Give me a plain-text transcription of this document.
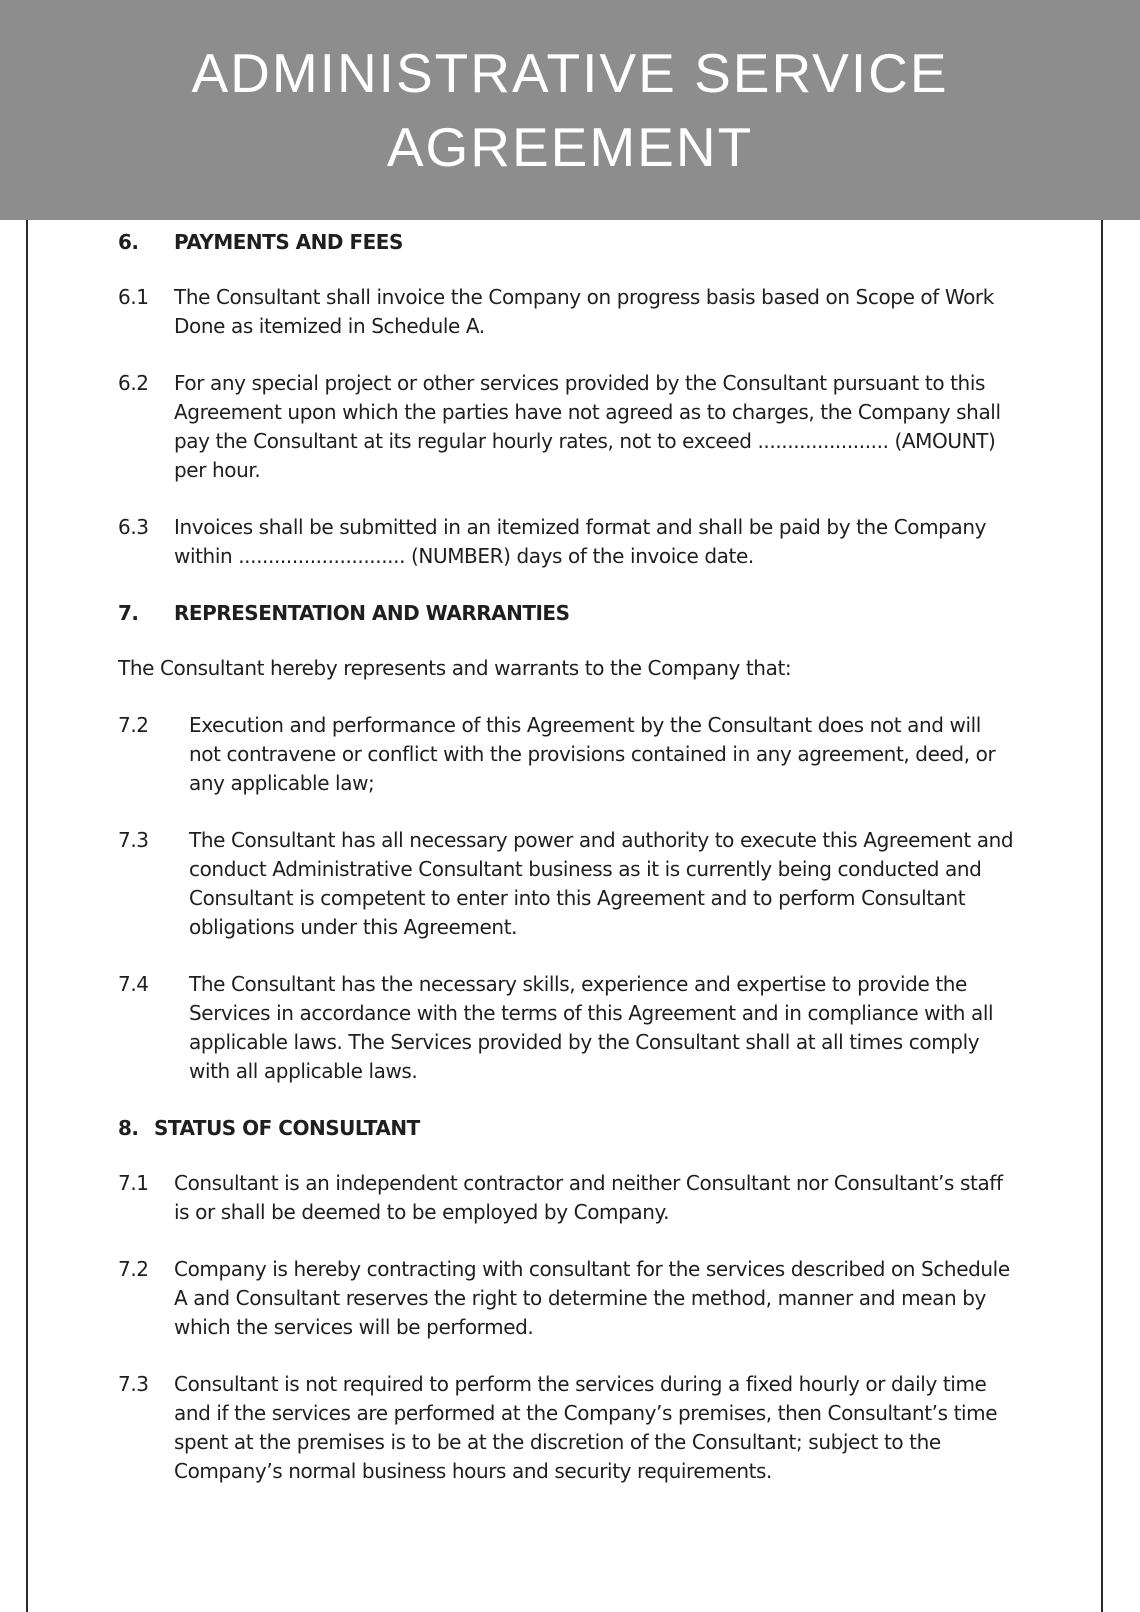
ADMINISTRATIVE SERVICE
AGREEMENT
6.	PAYMENTS AND FEES
6.1	The Consultant shall invoice the Company on progress basis based on Scope of Work
Done as itemized in Schedule A.
6.2	For any special project or other services provided by the Consultant pursuant to this
Agreement upon which the parties have not agreed as to charges, the Company shall
pay the Consultant at its regular hourly rates, not to exceed ...................... (AMOUNT)
per hour.
6.3	Invoices shall be submitted in an itemized format and shall be paid by the Company
within ............................ (NUMBER) days of the invoice date.
7.	REPRESENTATION AND WARRANTIES
The Consultant hereby represents and warrants to the Company that:
7.2	Execution and performance of this Agreement by the Consultant does not and will
not contravene or conflict with the provisions contained in any agreement, deed, or
any applicable law;
7.3	The Consultant has all necessary power and authority to execute this Agreement and
conduct Administrative Consultant business as it is currently being conducted and
Consultant is competent to enter into this Agreement and to perform Consultant
obligations under this Agreement.
7.4	The Consultant has the necessary skills, experience and expertise to provide the
Services in accordance with the terms of this Agreement and in compliance with all
applicable laws. The Services provided by the Consultant shall at all times comply
with all applicable laws.
8. STATUS OF CONSULTANT
7.1	Consultant is an independent contractor and neither Consultant nor Consultant’s staff
is or shall be deemed to be employed by Company.
7.2	Company is hereby contracting with consultant for the services described on Schedule
A and Consultant reserves the right to determine the method, manner and mean by
which the services will be performed.
7.3	Consultant is not required to perform the services during a fixed hourly or daily time
and if the services are performed at the Company’s premises, then Consultant’s time
spent at the premises is to be at the discretion of the Consultant; subject to the
Company’s normal business hours and security requirements.
